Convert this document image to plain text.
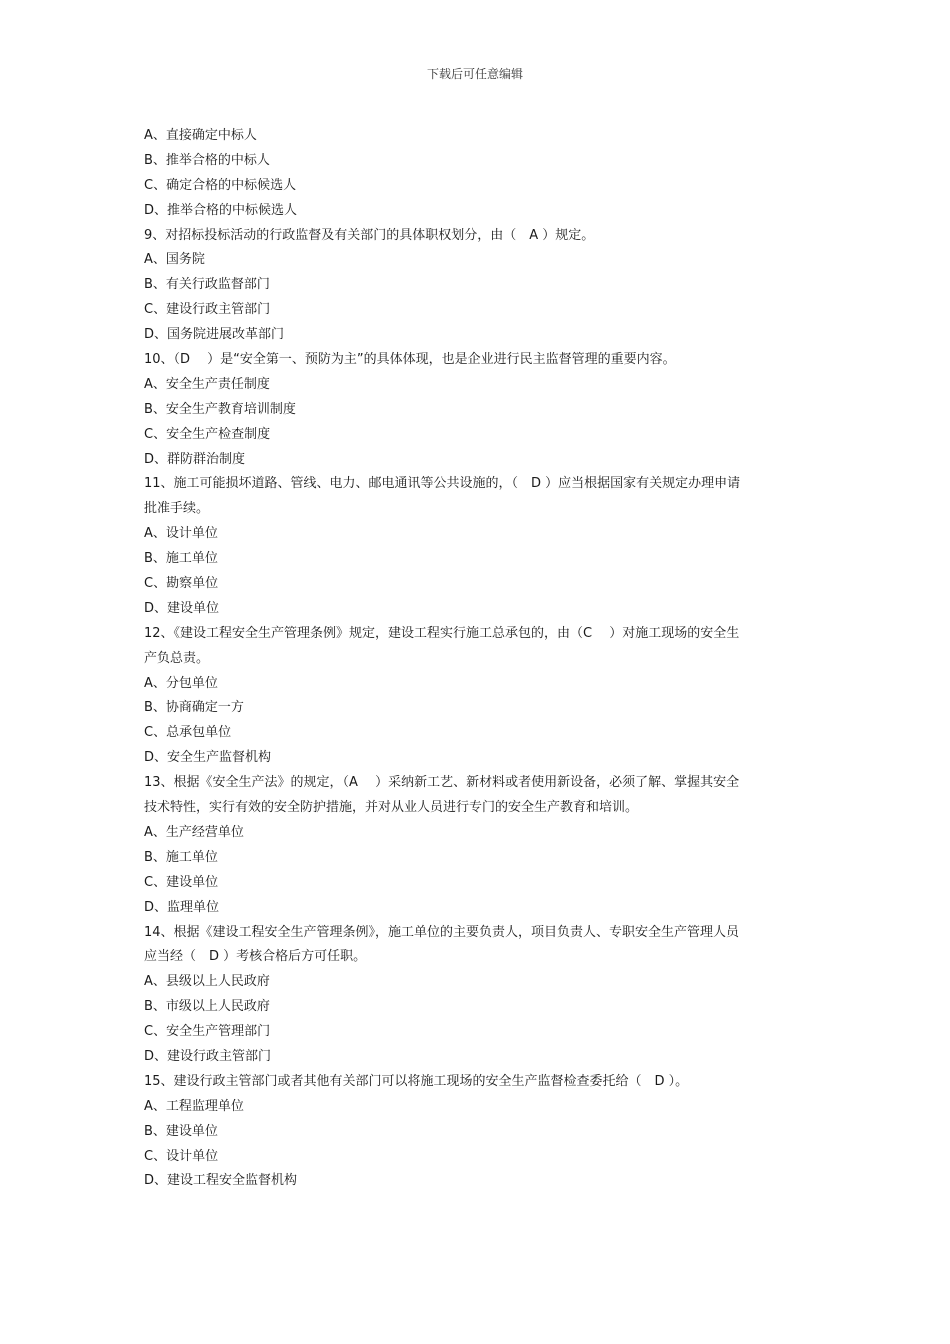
下载后可任意编辑
A、直接确定中标人
B、推举合格的中标人
C、确定合格的中标候选人
D、推举合格的中标候选人
9、对招标投标活动的行政监督及有关部门的具体职权划分，由（　A ）规定。
A、国务院
B、有关行政监督部门
C、建设行政主管部门
D、国务院进展改革部门
10、（D　 ）是“安全第一、预防为主”的具体体现，也是企业进行民主监督管理的重要内容。
A、安全生产责任制度
B、安全生产教育培训制度
C、安全生产检查制度
D、群防群治制度
11、施工可能损坏道路、管线、电力、邮电通讯等公共设施的，（　D ）应当根据国家有关规定办理申请
批准手续。
A、设计单位
B、施工单位
C、勘察单位
D、建设单位
12、《建设工程安全生产管理条例》规定，建设工程实行施工总承包的，由（C　 ）对施工现场的安全生
产负总责。
A、分包单位
B、协商确定一方
C、总承包单位
D、安全生产监督机构
13、根据《安全生产法》的规定，（A　 ）采纳新工艺、新材料或者使用新设备，必须了解、掌握其安全
技术特性，实行有效的安全防护措施，并对从业人员进行专门的安全生产教育和培训。
A、生产经营单位
B、施工单位
C、建设单位
D、监理单位
14、根据《建设工程安全生产管理条例》，施工单位的主要负责人，项目负责人、专职安全生产管理人员
应当经（　D ）考核合格后方可任职。
A、县级以上人民政府
B、市级以上人民政府
C、安全生产管理部门
D、建设行政主管部门
15、建设行政主管部门或者其他有关部门可以将施工现场的安全生产监督检查委托给（　D ）。
A、工程监理单位
B、建设单位
C、设计单位
D、建设工程安全监督机构
